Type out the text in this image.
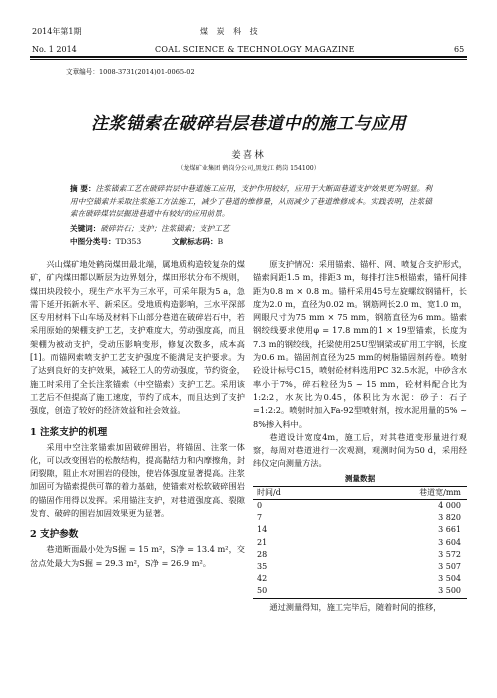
2014年第1期	煤 炭 科 技
No. 1 2014	COAL SCIENCE & TECHNOLOGY MAGAZINE	65
文章编号：1008-3731(2014)01-0065-02
注浆锚索在破碎岩层巷道中的施工与应用
姜喜林
（龙煤矿业集团 鹤岗分公司,黑龙江 鹤岗 154100）
摘 要：注浆锚索工艺在破碎岩层中巷道施工应用，支护作用较好，应用于大断面巷道支护效果更为明显。利用中空锚索并采取注浆施工方法施工，减少了巷道的维修量，从而减少了巷道维修成本。实践表明，注浆锚索在破碎煤岩层掘进巷道中有较好的应用前景。
关键词：破碎岩石；支护；注浆锚索；支护工艺
中图分类号：TD353	文献标志码：B

兴山煤矿地处鹤岗煤田最北端，属地质构造较复杂的煤矿，矿内煤田都以断层为边界划分，煤田形状分布不规则，煤田块段较小，现生产水平为三水平，可采年限为5 a，急需下延开拓新水平、新采区。受地质构造影响，三水平深部区专用材料下山车场及材料下山部分巷道在破碎岩石中，若采用原始的架棚支护工艺，支护难度大，劳动强度高，而且架棚为被动支护，受动压影响变形，修复次数多，成本高[1]。而锚网索喷支护工艺支护强度不能满足支护要求。为了达到良好的支护效果，减轻工人的劳动强度，节约资金，施工时采用了全长注浆锚索（中空锚索）支护工艺。采用该工艺后不但提高了施工速度，节约了成本，而且达到了支护强度，创造了较好的经济效益和社会效益。

1 注浆支护的机理

采用中空注浆锚索加固破碎围岩，将锚固、注浆一体化，可以改变围岩的松散结构，提高黏结力和内摩擦角，封闭裂隙，阻止水对围岩的侵蚀，使岩体强度显著提高。注浆加固可为锚索提供可靠的着力基础，使锚索对松软破碎围岩的锚固作用得以发挥。采用锚注支护，对巷道强度高、裂隙发育、破碎的围岩加固效果更为显著。

2 支护参数

巷道断面最小处为S掘 = 15 m²，S净 = 13.4 m²，交岔点处最大为S掘 = 29.3 m²，S净 = 26.9 m²。

原支护情况：采用锚索、锚杆、网、喷复合支护形式，锚索间距1.5 m，排距3 m，每排打注5根锚索，锚杆间排距为0.8 m × 0.8 m。锚杆采用45号左旋螺纹钢锚杆，长度为2.0 m，直径为0.02 m。钢筋网长2.0 m、宽1.0 m，网眼尺寸为75 mm × 75 mm，钢筋直径为6 mm。锚索钢绞线要求使用φ = 17.8 mm的1 × 19型锚索，长度为7.3 m的钢绞线，托梁使用25U型钢梁或矿用工字钢，长度为0.6 m。锚固剂直径为25 mm的树脂锚固剂药卷。喷射砼设计标号C15，喷射砼材料选用PC 32.5水泥，中砂含水率小于7%，碎石粒径为5 ~ 15 mm，砼材料配合比为1:2:2，水灰比为0.45，体积比为水泥：砂子：石子=1:2:2。喷射时加入Fa-92型喷射剂，按水泥用量的5% ~ 8%掺入料中。

巷道设计宽度4m，施工后，对其巷道变形量进行观察，每周对巷道进行一次观测，观测时间为50 d，采用经纬仪定向测量方法。

测量数据
时间/d	巷道宽/mm
0	4 000
7	3 820
14	3 661
21	3 604
28	3 572
35	3 507
42	3 504
50	3 500

通过测量得知，施工完毕后，随着时间的推移，
